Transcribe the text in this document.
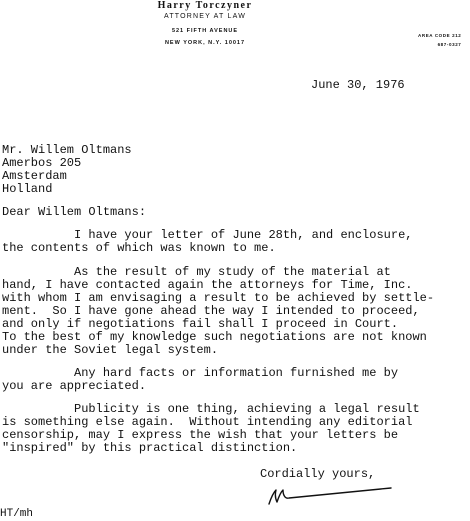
Harry Torczyner
ATTORNEY AT LAW
521 FIFTH AVENUE
NEW YORK, N.Y. 10017
AREA CODE 212
687-0327
June 30, 1976
Mr. Willem Oltmans
Amerbos 205
Amsterdam
Holland
Dear Willem Oltmans:
I have your letter of June 28th, and enclosure,
the contents of which was known to me.
As the result of my study of the material at
hand, I have contacted again the attorneys for Time, Inc.
with whom I am envisaging a result to be achieved by settle-
ment.  So I have gone ahead the way I intended to proceed,
and only if negotiations fail shall I proceed in Court.
To the best of my knowledge such negotiations are not known
under the Soviet legal system.
Any hard facts or information furnished me by
you are appreciated.
Publicity is one thing, achieving a legal result
is something else again.  Without intending any editorial
censorship, may I express the wish that your letters be
"inspired" by this practical distinction.
Cordially yours,
HT/mh
